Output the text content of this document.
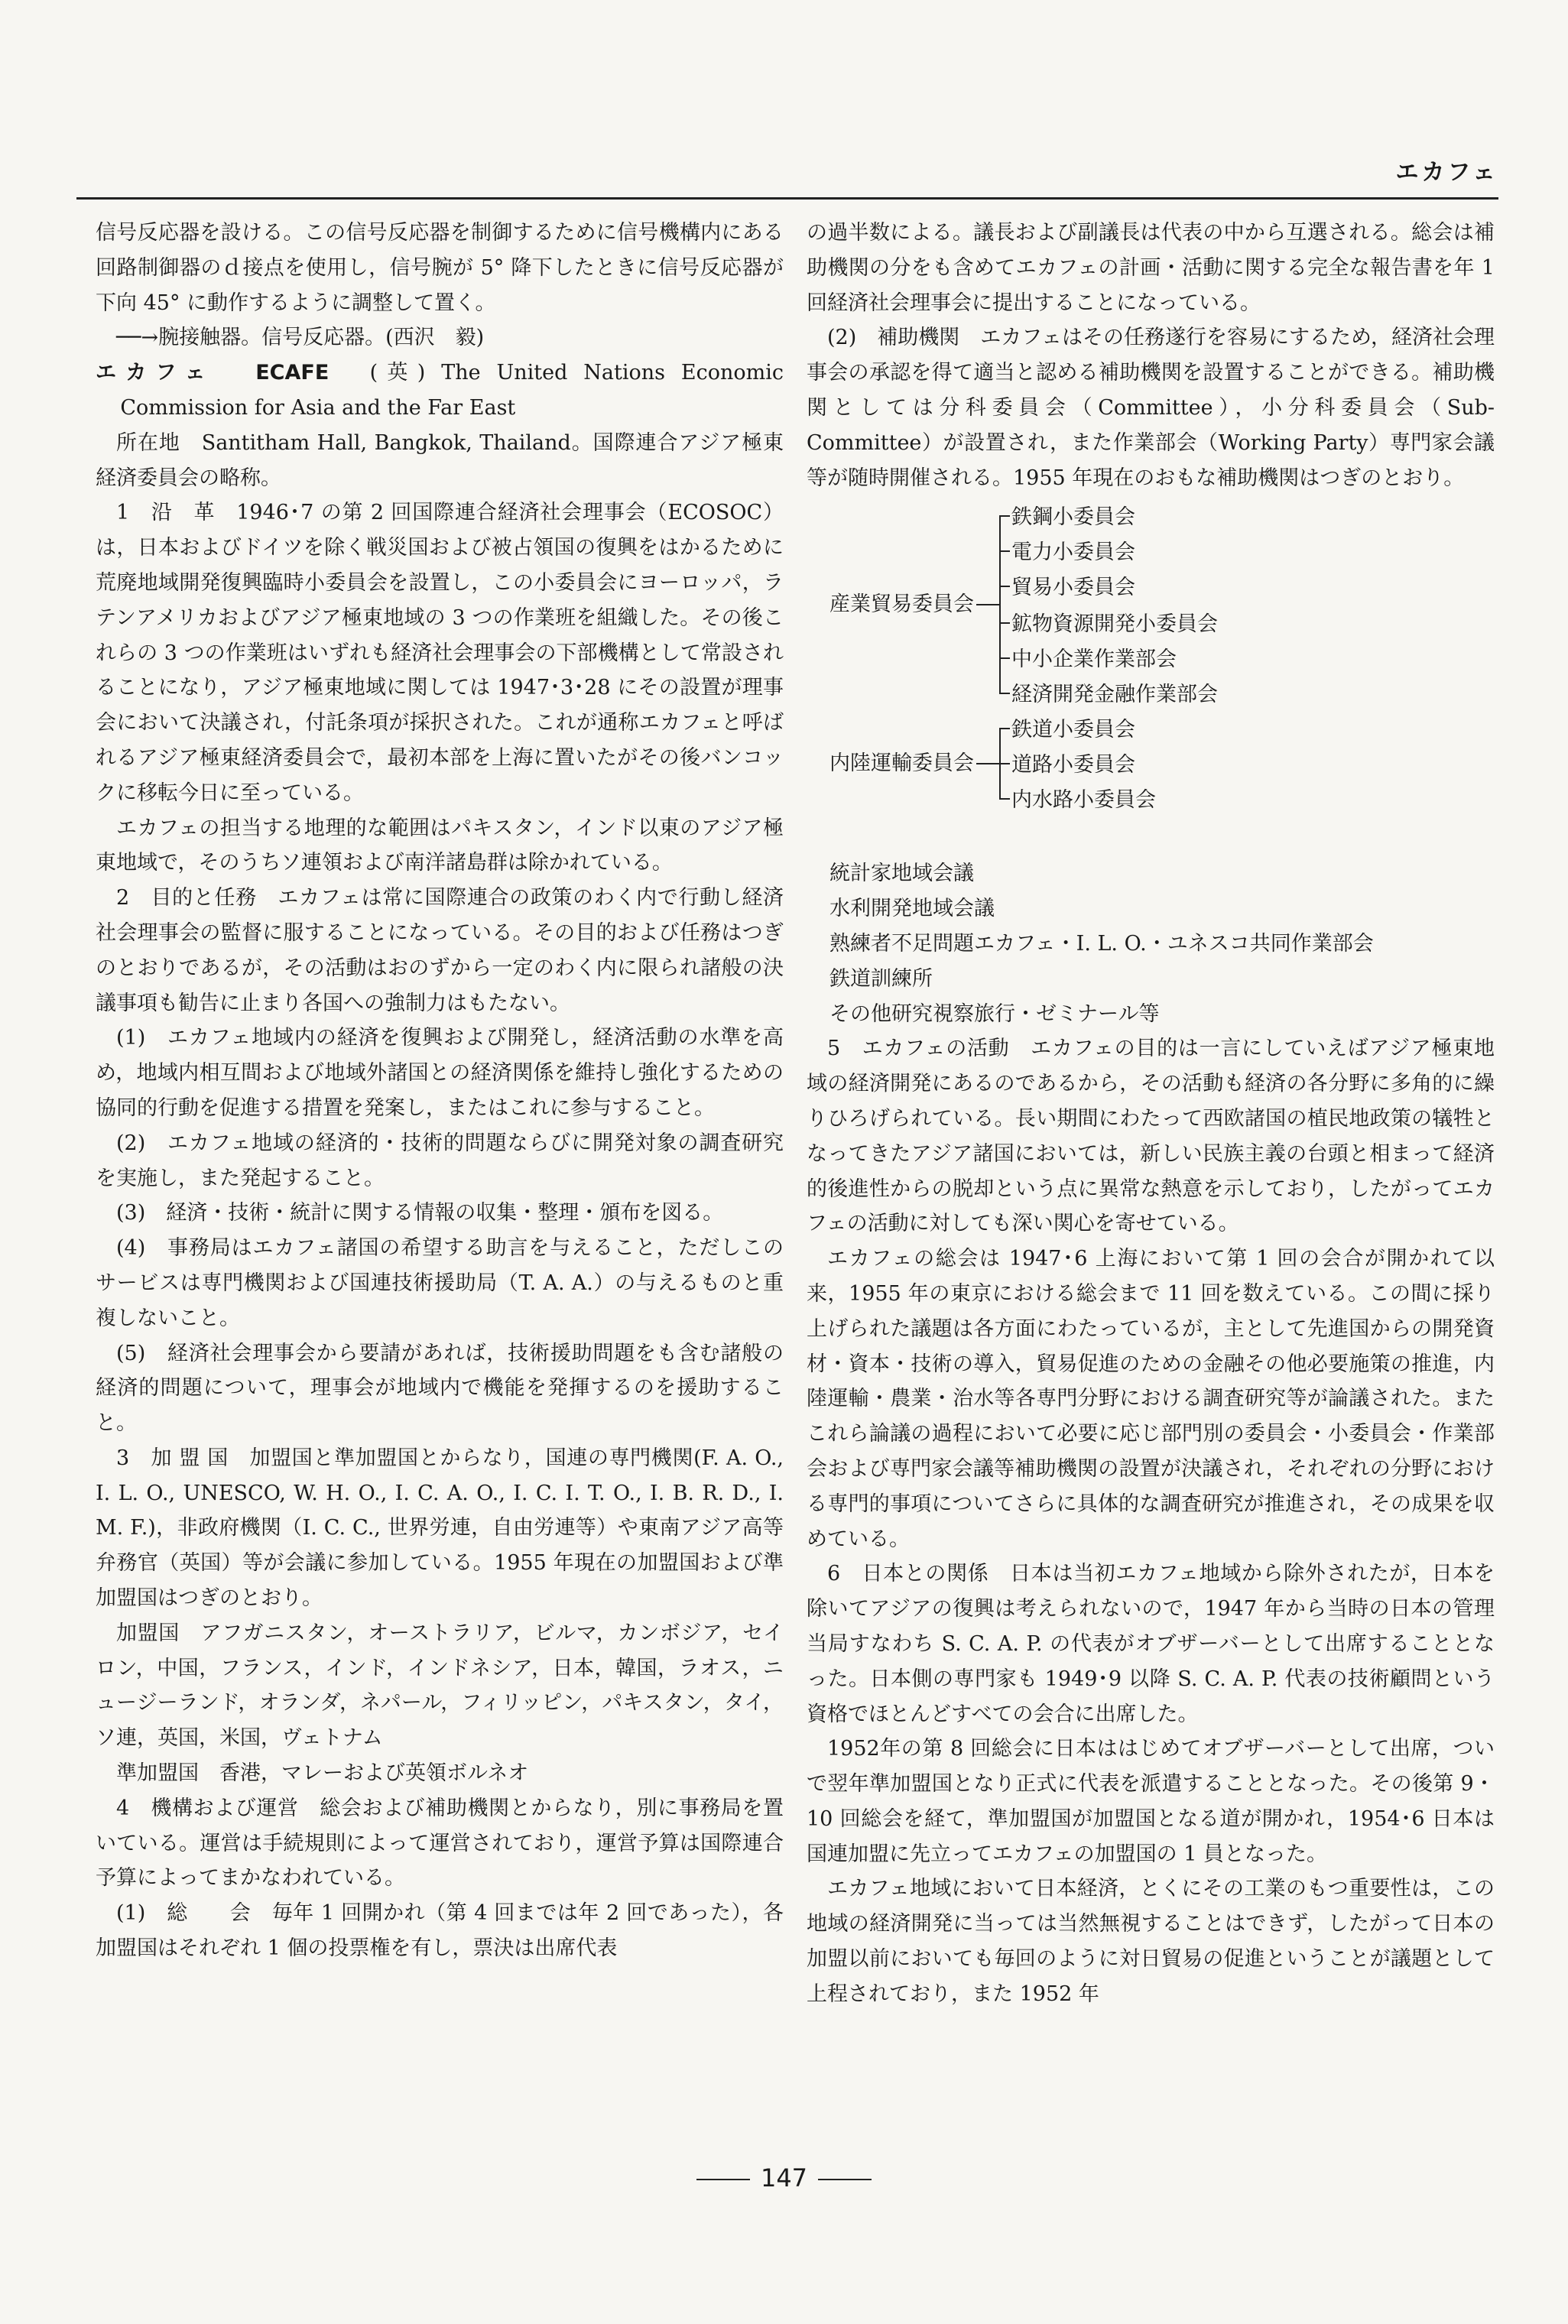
エカフェ

信号反応器を設ける。この信号反応器を制御するために信号機構内にある回路制御器のｄ接点を使用し，信号腕が 5° 降下したときに信号反応器が下向 45° に動作するように調整して置く。

──→腕接触器。信号反応器。(西沢　毅)

エカフェ ECAFE (英) The United Nations Economic Commission for Asia and the Far East

所在地　Santitham Hall, Bangkok, Thailand。国際連合アジア極東経済委員会の略称。

1　沿　革　1946･7 の第 2 回国際連合経済社会理事会（ECOSOC）は，日本およびドイツを除く戦災国および被占領国の復興をはかるために荒廃地域開発復興臨時小委員会を設置し，この小委員会にヨーロッパ，ラテンアメリカおよびアジア極東地域の 3 つの作業班を組織した。その後これらの 3 つの作業班はいずれも経済社会理事会の下部機構として常設されることになり，アジア極東地域に関しては 1947･3･28 にその設置が理事会において決議され，付託条項が採択された。これが通称エカフェと呼ばれるアジア極東経済委員会で，最初本部を上海に置いたがその後バンコックに移転今日に至っている。

エカフェの担当する地理的な範囲はパキスタン，インド以東のアジア極東地域で，そのうちソ連領および南洋諸島群は除かれている。

2　目的と任務　エカフェは常に国際連合の政策のわく内で行動し経済社会理事会の監督に服することになっている。その目的および任務はつぎのとおりであるが，その活動はおのずから一定のわく内に限られ諸般の決議事項も勧告に止まり各国への強制力はもたない。

(1)　エカフェ地域内の経済を復興および開発し，経済活動の水準を高め，地域内相互間および地域外諸国との経済関係を維持し強化するための協同的行動を促進する措置を発案し，またはこれに参与すること。

(2)　エカフェ地域の経済的・技術的問題ならびに開発対象の調査研究を実施し，また発起すること。

(3)　経済・技術・統計に関する情報の収集・整理・頒布を図る。

(4)　事務局はエカフェ諸国の希望する助言を与えること，ただしこのサービスは専門機関および国連技術援助局（T. A. A.）の与えるものと重複しないこと。

(5)　経済社会理事会から要請があれば，技術援助問題をも含む諸般の経済的問題について，理事会が地域内で機能を発揮するのを援助すること。

3　加 盟 国　加盟国と準加盟国とからなり，国連の専門機関(F. A. O., I. L. O., UNESCO, W. H. O., I. C. A. O., I. C. I. T. O., I. B. R. D., I. M. F.)，非政府機関（I. C. C., 世界労連，自由労連等）や東南アジア高等弁務官（英国）等が会議に参加している。1955 年現在の加盟国および準加盟国はつぎのとおり。

加盟国　アフガニスタン，オーストラリア，ビルマ，カンボジア，セイロン，中国，フランス，インド，インドネシア，日本，韓国，ラオス，ニュージーランド，オランダ，ネパール，フィリッピン，パキスタン，タイ，ソ連，英国，米国，ヴェトナム

準加盟国　香港，マレーおよび英領ボルネオ

4　機構および運営　総会および補助機関とからなり，別に事務局を置いている。運営は手続規則によって運営されており，運営予算は国際連合予算によってまかなわれている。

(1)　総　　会　毎年 1 回開かれ（第 4 回までは年 2 回であった），各加盟国はそれぞれ 1 個の投票権を有し，票決は出席代表

の過半数による。議長および副議長は代表の中から互選される。総会は補助機関の分をも含めてエカフェの計画・活動に関する完全な報告書を年 1 回経済社会理事会に提出することになっている。

(2)　補助機関　エカフェはその任務遂行を容易にするため，経済社会理事会の承認を得て適当と認める補助機関を設置することができる。補助機関としては分科委員会（Committee），小分科委員会（Sub-Committee）が設置され，また作業部会（Working Party）専門家会議等が随時開催される。1955 年現在のおもな補助機関はつぎのとおり。

産業貿易委員会
鉄鋼小委員会
電力小委員会
貿易小委員会
鉱物資源開発小委員会
中小企業作業部会
経済開発金融作業部会
内陸運輸委員会
鉄道小委員会
道路小委員会
内水路小委員会

統計家地域会議

水利開発地域会議

熟練者不足問題エカフェ・I. L. O.・ユネスコ共同作業部会

鉄道訓練所

その他研究視察旅行・ゼミナール等

5　エカフェの活動　エカフェの目的は一言にしていえばアジア極東地域の経済開発にあるのであるから，その活動も経済の各分野に多角的に繰りひろげられている。長い期間にわたって西欧諸国の植民地政策の犠牲となってきたアジア諸国においては，新しい民族主義の台頭と相まって経済的後進性からの脱却という点に異常な熱意を示しており，したがってエカフェの活動に対しても深い関心を寄せている。

エカフェの総会は 1947･6 上海において第 1 回の会合が開かれて以来，1955 年の東京における総会まで 11 回を数えている。この間に採り上げられた議題は各方面にわたっているが，主として先進国からの開発資材・資本・技術の導入，貿易促進のための金融その他必要施策の推進，内陸運輸・農業・治水等各専門分野における調査研究等が論議された。またこれら論議の過程において必要に応じ部門別の委員会・小委員会・作業部会および専門家会議等補助機関の設置が決議され，それぞれの分野における専門的事項についてさらに具体的な調査研究が推進され，その成果を収めている。

6　日本との関係　日本は当初エカフェ地域から除外されたが，日本を除いてアジアの復興は考えられないので，1947 年から当時の日本の管理当局すなわち S. C. A. P. の代表がオブザーバーとして出席することとなった。日本側の専門家も 1949･9 以降 S. C. A. P. 代表の技術顧問という資格でほとんどすべての会合に出席した。

1952年の第 8 回総会に日本ははじめてオブザーバーとして出席，ついで翌年準加盟国となり正式に代表を派遣することとなった。その後第 9・10 回総会を経て，準加盟国が加盟国となる道が開かれ，1954･6 日本は国連加盟に先立ってエカフェの加盟国の 1 員となった。

エカフェ地域において日本経済，とくにその工業のもつ重要性は，この地域の経済開発に当っては当然無視することはできず，したがって日本の加盟以前においても毎回のように対日貿易の促進ということが議題として上程されており，また 1952 年

147
